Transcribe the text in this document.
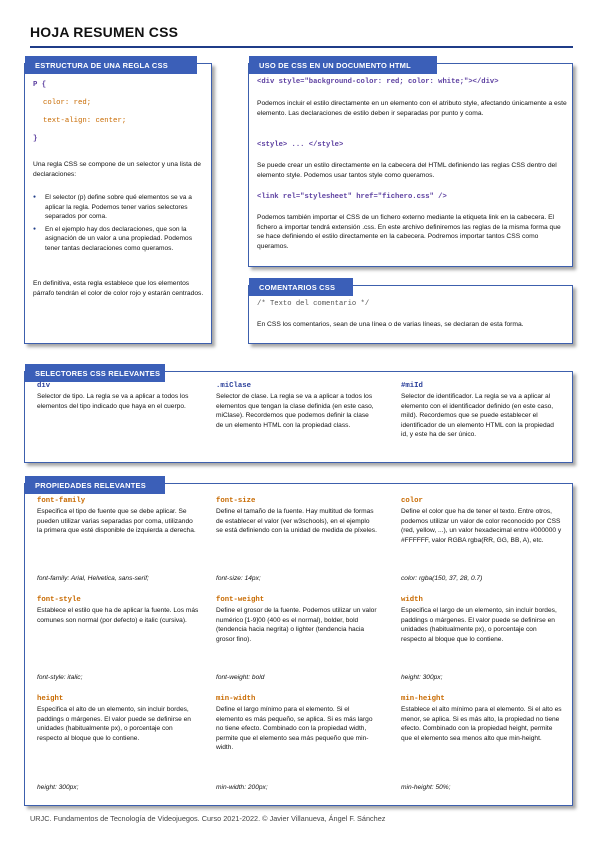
HOJA RESUMEN CSS
ESTRUCTURA DE UNA REGLA CSS
P {
color: red;
text-align: center;
}
Una regla CSS se compone de un selector y una lista de declaraciones:
● El selector (p) define sobre qué elementos se va a aplicar la regla. Podemos tener varios selectores separados por coma.
● En el ejemplo hay dos declaraciones, que son la asignación de un valor a una propiedad. Podemos tener tantas declaraciones como queramos.
En definitiva, esta regla establece que los elementos párrafo tendrán el color de color rojo y estarán centrados.
USO DE CSS EN UN DOCUMENTO HTML
<div style="background-color: red; color: white;"></div>
Podemos incluir el estilo directamente en un elemento con el atributo style, afectando únicamente a este elemento. Las declaraciones de estilo deben ir separadas por punto y coma.
<style> ... </style>
Se puede crear un estilo directamente en la cabecera del HTML definiendo las reglas CSS dentro del elemento style. Podemos usar tantos style como queramos.
<link rel="stylesheet" href="fichero.css" />
Podemos también importar el CSS de un fichero externo mediante la etiqueta link en la cabecera. El fichero a importar tendrá extensión .css. En este archivo definiremos las reglas de la misma forma que se hace definiendo el estilo directamente en la cabecera. Podremos importar tantos CSS como queramos.
COMENTARIOS CSS
/* Texto del comentario */
En CSS los comentarios, sean de una línea o de varias líneas, se declaran de esta forma.
SELECTORES CSS RELEVANTES
div
Selector de tipo. La regla se va a aplicar a todos los elementos del tipo indicado que haya en el cuerpo.
.miClase
Selector de clase. La regla se va a aplicar a todos los elementos que tengan la clase definida (en este caso, miClase). Recordemos que podemos definir la clase de un elemento HTML con la propiedad class.
#miId
Selector de identificador. La regla se va a aplicar al elemento con el identificador definido (en este caso, miId). Recordemos que se puede establecer el identificador de un elemento HTML con la propiedad id, y este ha de ser único.
PROPIEDADES RELEVANTES
font-family
Especifica el tipo de fuente que se debe aplicar. Se pueden utilizar varias separadas por coma, utilizando la primera que esté disponible de izquierda a derecha.
font-family: Arial, Helvetica, sans-serif;
font-size
Define el tamaño de la fuente. Hay multitud de formas de establecer el valor (ver w3schools), en el ejemplo se está definiendo con la unidad de medida de píxeles.
font-size: 14px;
color
Define el color que ha de tener el texto. Entre otros, podemos utilizar un valor de color reconocido por CSS (red, yellow, ...), un valor hexadecimal entre #000000 y #FFFFFF, valor RGBA rgba(RR, GG, BB, A), etc.
color: rgba(150, 37, 28, 0.7)
font-style
Establece el estilo que ha de aplicar la fuente. Los más comunes son normal (por defecto) e italic (cursiva).
font-style: italic;
font-weight
Define el grosor de la fuente. Podemos utilizar un valor numérico [1-9]00 (400 es el normal), bolder, bold (tendencia hacia negrita) o lighter (tendencia hacia grosor fino).
font-weight: bold
width
Especifica el largo de un elemento, sin incluir bordes, paddings o márgenes. El valor puede se definirse en unidades (habitualmente px), o porcentaje con respecto al bloque que lo contiene.
height: 300px;
height
Especifica el alto de un elemento, sin incluir bordes, paddings o márgenes. El valor puede se definirse en unidades (habitualmente px), o porcentaje con respecto al bloque que lo contiene.
height: 300px;
min-width
Define el largo mínimo para el elemento. Si el elemento es más pequeño, se aplica. Si es más largo no tiene efecto. Combinado con la propiedad width, permite que el elemento sea más pequeño que min-width.
min-width: 200px;
min-height
Establece el alto mínimo para el elemento. Si el alto es menor, se aplica. Si es más alto, la propiedad no tiene efecto. Combinado con la propiedad height, permite que el elemento sea menos alto que min-height.
min-height: 50%;
URJC. Fundamentos de Tecnología de Videojuegos. Curso 2021-2022. © Javier Villanueva, Ángel F. Sánchez
